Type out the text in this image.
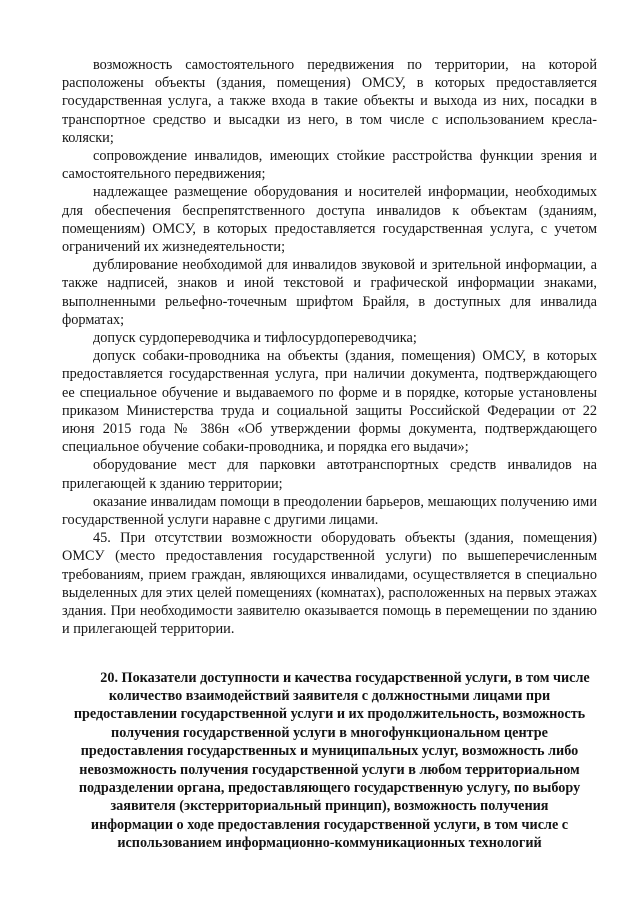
возможность самостоятельного передвижения по территории, на которой расположены объекты (здания, помещения) ОМСУ, в которых предоставляется государственная услуга, а также входа в такие объекты и выхода из них, посадки в транспортное средство и высадки из него, в том числе с использованием кресла-коляски;

сопровождение инвалидов, имеющих стойкие расстройства функции зрения и самостоятельного передвижения;

надлежащее размещение оборудования и носителей информации, необходимых для обеспечения беспрепятственного доступа инвалидов к объектам (зданиям, помещениям) ОМСУ, в которых предоставляется государственная услуга, с учетом ограничений их жизнедеятельности;

дублирование необходимой для инвалидов звуковой и зрительной информации, а также надписей, знаков и иной текстовой и графической информации знаками, выполненными рельефно-точечным шрифтом Брайля, в доступных для инвалида форматах;

допуск сурдопереводчика и тифлосурдопереводчика;

допуск собаки-проводника на объекты (здания, помещения) ОМСУ, в которых предоставляется государственная услуга, при наличии документа, подтверждающего ее специальное обучение и выдаваемого по форме и в порядке, которые установлены приказом Министерства труда и социальной защиты Российской Федерации от 22 июня 2015 года № 386н «Об утверждении формы документа, подтверждающего специальное обучение собаки-проводника, и порядка его выдачи»;

оборудование мест для парковки автотранспортных средств инвалидов на прилегающей к зданию территории;

оказание инвалидам помощи в преодолении барьеров, мешающих получению ими государственной услуги наравне с другими лицами.

45. При отсутствии возможности оборудовать объекты (здания, помещения) ОМСУ (место предоставления государственной услуги) по вышеперечисленным требованиям, прием граждан, являющихся инвалидами, осуществляется в специально выделенных для этих целей помещениях (комнатах), расположенных на первых этажах здания. При необходимости заявителю оказывается помощь в перемещении по зданию и прилегающей территории.

20. Показатели доступности и качества государственной услуги, в том числе количество взаимодействий заявителя с должностными лицами при предоставлении государственной услуги и их продолжительность, возможность получения государственной услуги в многофункциональном центре предоставления государственных и муниципальных услуг, возможность либо невозможность получения государственной услуги в любом территориальном подразделении органа, предоставляющего государственную услугу, по выбору заявителя (экстерриториальный принцип), возможность получения информации о ходе предоставления государственной услуги, в том числе с использованием информационно-коммуникационных технологий
